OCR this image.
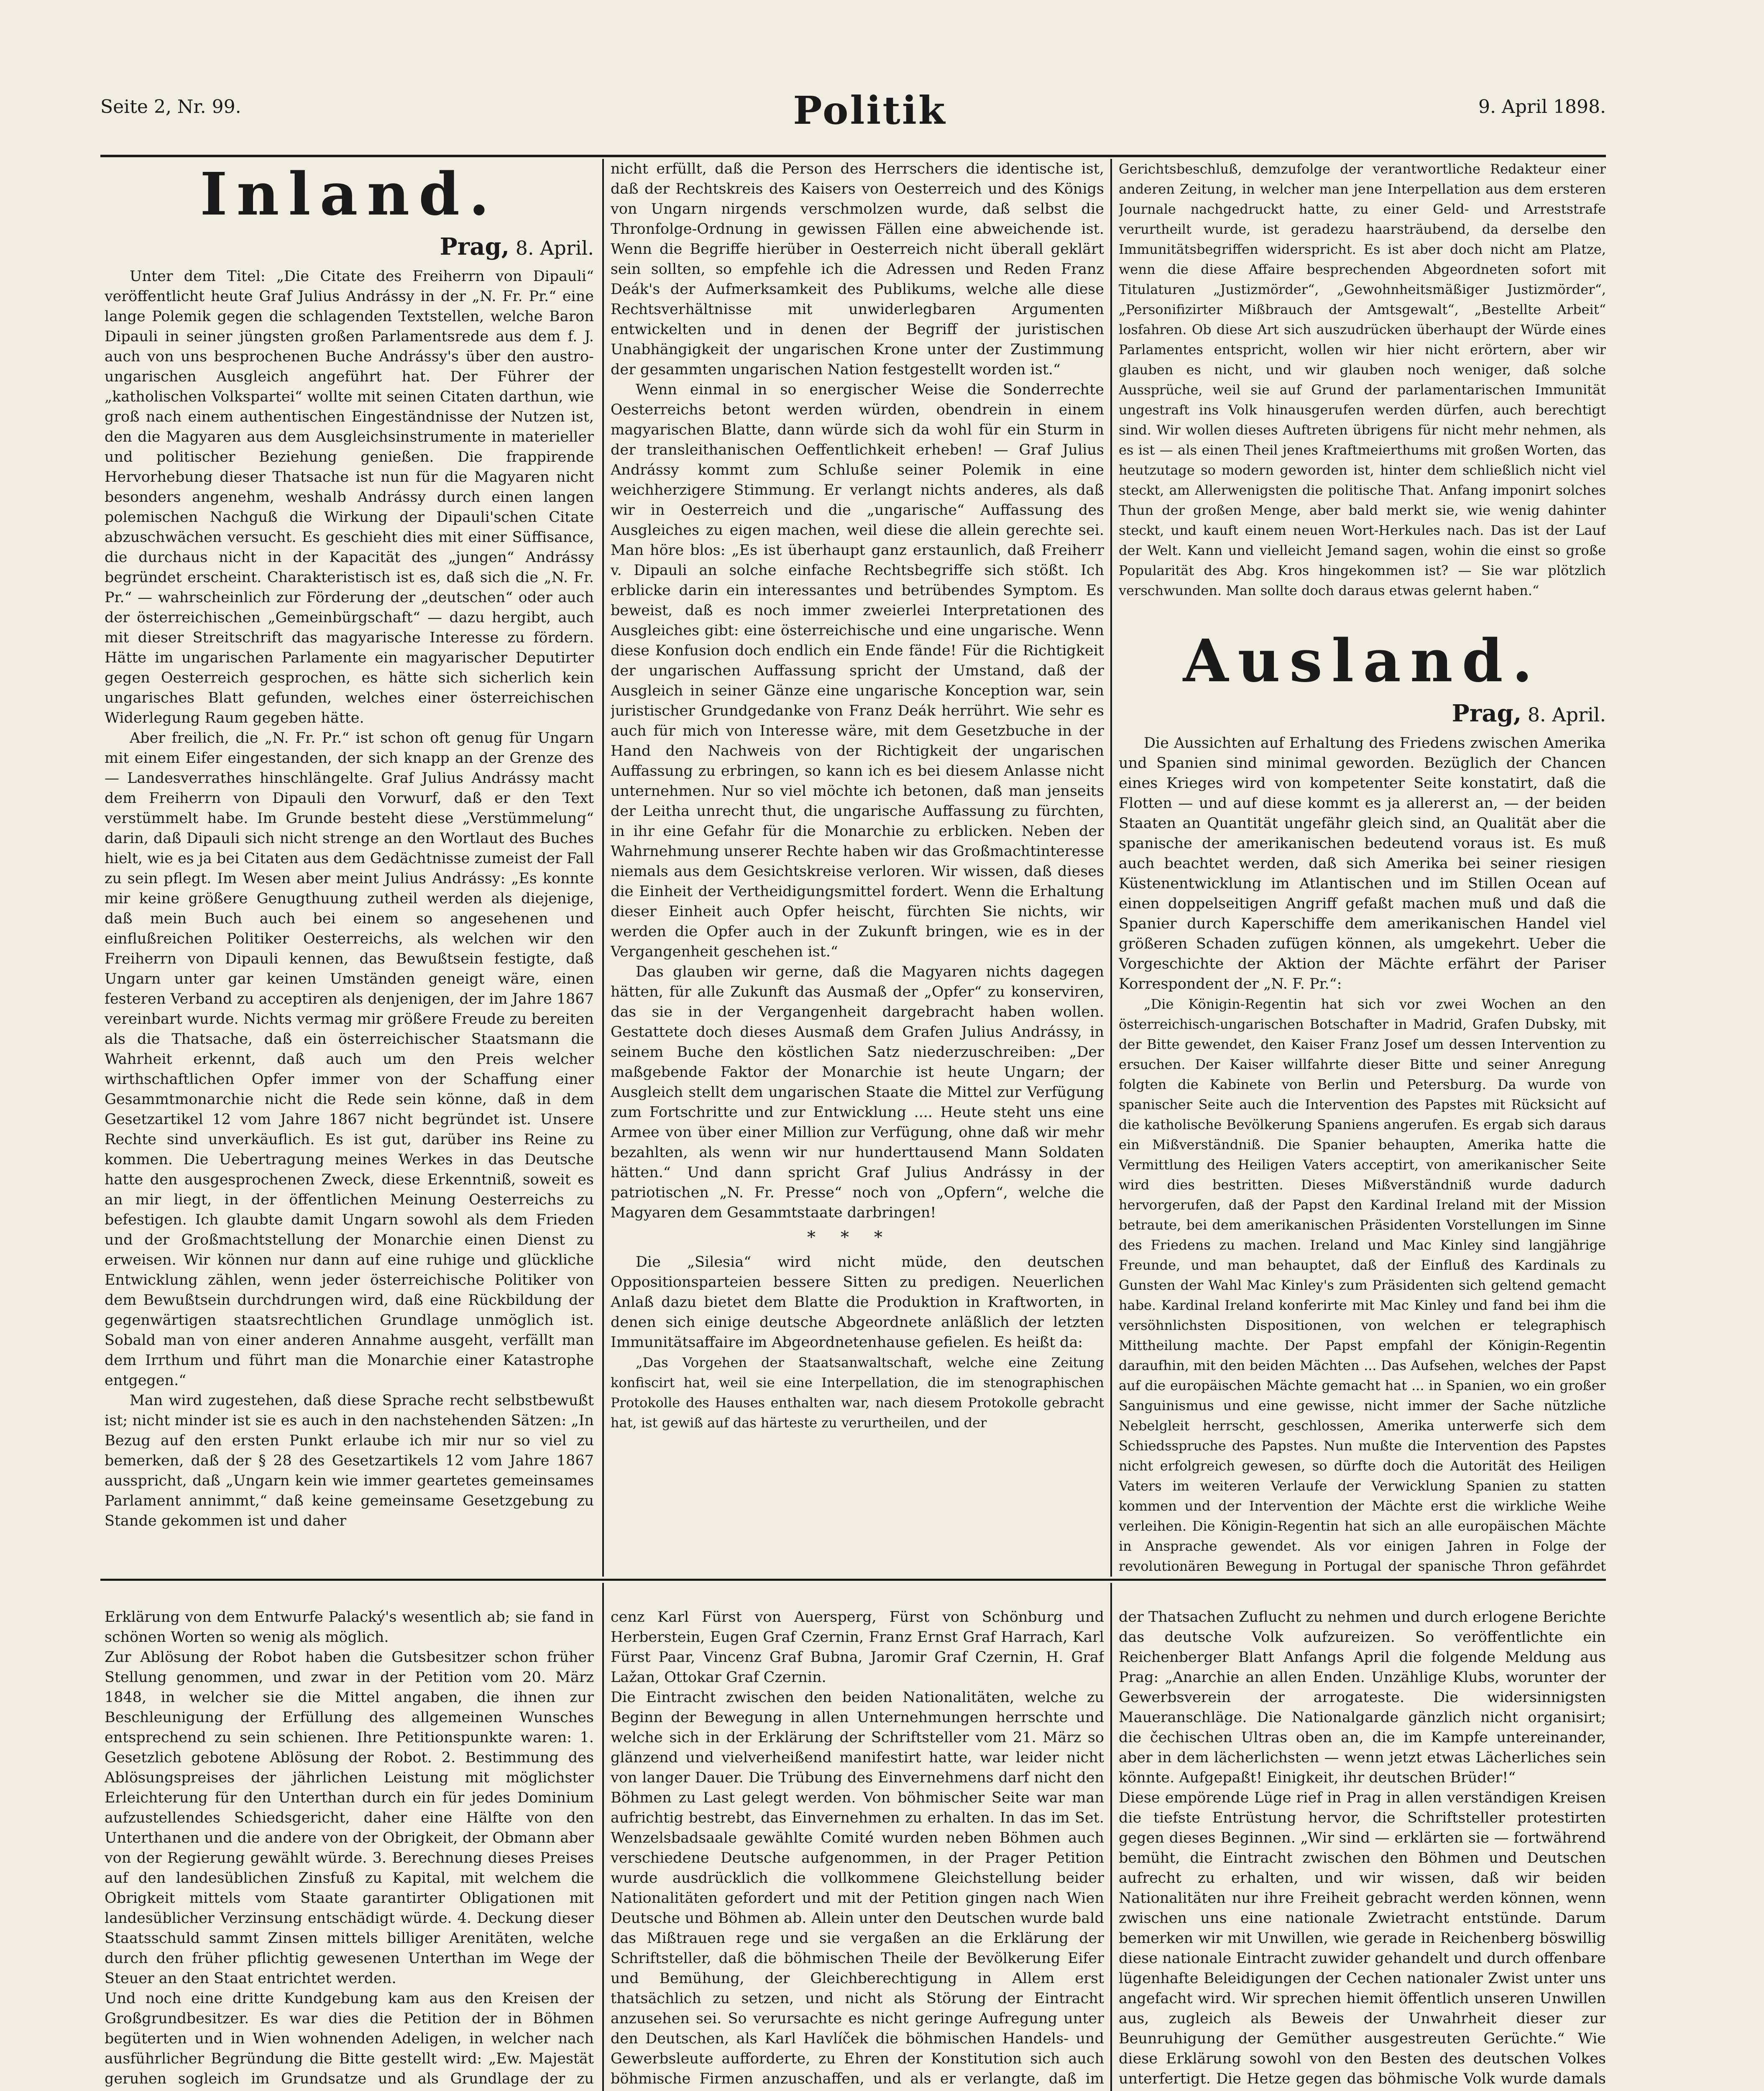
Seite 2, Nr. 99.	Politik	9. April 1898.
Inland.
Prag, 8. April.

Unter dem Titel: „Die Citate des Freiherrn von Dipauli“ veröffentlicht heute Graf Julius Andrássy in der „N. Fr. Pr.“ eine lange Polemik gegen die schlagenden Textstellen, welche Baron Dipauli in seiner jüngsten großen Parlamentsrede aus dem f. J. auch von uns besprochenen Buche Andrássy's über den austro-ungarischen Ausgleich angeführt hat. Der Führer der „katholischen Volkspartei“ wollte mit seinen Citaten darthun, wie groß nach einem authentischen Eingeständnisse der Nutzen ist, den die Magyaren aus dem Ausgleichsinstrumente in materieller und politischer Beziehung genießen. Die frappirende Hervorhebung dieser Thatsache ist nun für die Magyaren nicht besonders angenehm, weshalb Andrássy durch einen langen polemischen Nachguß die Wirkung der Dipauli'schen Citate abzuschwächen versucht. Es geschieht dies mit einer Süffisance, die durchaus nicht in der Kapacität des „jungen“ Andrássy begründet erscheint. Charakteristisch ist es, daß sich die „N. Fr. Pr.“ — wahrscheinlich zur Förderung der „deutschen“ oder auch der österreichischen „Gemeinbürgschaft“ — dazu hergibt, auch mit dieser Streitschrift das magyarische Interesse zu fördern. Hätte im ungarischen Parlamente ein magyarischer Deputirter gegen Oesterreich gesprochen, es hätte sich sicherlich kein ungarisches Blatt gefunden, welches einer österreichischen Widerlegung Raum gegeben hätte.

Aber freilich, die „N. Fr. Pr.“ ist schon oft genug für Ungarn mit einem Eifer eingestanden, der sich knapp an der Grenze des — Landesverrathes hinschlängelte. Graf Julius Andrássy macht dem Freiherrn von Dipauli den Vorwurf, daß er den Text verstümmelt habe. Im Grunde besteht diese „Verstümmelung“ darin, daß Dipauli sich nicht strenge an den Wortlaut des Buches hielt, wie es ja bei Citaten aus dem Gedächtnisse zumeist der Fall zu sein pflegt. Im Wesen aber meint Julius Andrássy: „Es konnte mir keine größere Genugthuung zutheil werden als diejenige, daß mein Buch auch bei einem so angesehenen und einflußreichen Politiker Oesterreichs, als welchen wir den Freiherrn von Dipauli kennen, das Bewußtsein festigte, daß Ungarn unter gar keinen Umständen geneigt wäre, einen festeren Verband zu acceptiren als denjenigen, der im Jahre 1867 vereinbart wurde. Nichts vermag mir größere Freude zu bereiten als die Thatsache, daß ein österreichischer Staatsmann die Wahrheit erkennt, daß auch um den Preis welcher wirthschaftlichen Opfer immer von der Schaffung einer Gesammtmonarchie nicht die Rede sein könne, daß in dem Gesetzartikel 12 vom Jahre 1867 nicht begründet ist. Unsere Rechte sind unverkäuflich. Es ist gut, darüber ins Reine zu kommen. Die Uebertragung meines Werkes in das Deutsche hatte den ausgesprochenen Zweck, diese Erkenntniß, soweit es an mir liegt, in der öffentlichen Meinung Oesterreichs zu befestigen. Ich glaubte damit Ungarn sowohl als dem Frieden und der Großmachtstellung der Monarchie einen Dienst zu erweisen. Wir können nur dann auf eine ruhige und glückliche Entwicklung zählen, wenn jeder österreichische Politiker von dem Bewußtsein durchdrungen wird, daß eine Rückbildung der gegenwärtigen staatsrechtlichen Grundlage unmöglich ist. Sobald man von einer anderen Annahme ausgeht, verfällt man dem Irrthum und führt man die Monarchie einer Katastrophe entgegen.“

Man wird zugestehen, daß diese Sprache recht selbstbewußt ist; nicht minder ist sie es auch in den nachstehenden Sätzen: „In Bezug auf den ersten Punkt erlaube ich mir nur so viel zu bemerken, daß der § 28 des Gesetzartikels 12 vom Jahre 1867 ausspricht, daß „Ungarn kein wie immer geartetes gemeinsames Parlament annimmt,“ daß keine gemeinsame Gesetzgebung zu Stande gekommen ist und daher

nicht erfüllt, daß die Person des Herrschers die identische ist, daß der Rechtskreis des Kaisers von Oesterreich und des Königs von Ungarn nirgends verschmolzen wurde, daß selbst die Thronfolge-Ordnung in gewissen Fällen eine abweichende ist. Wenn die Begriffe hierüber in Oesterreich nicht überall geklärt sein sollten, so empfehle ich die Adressen und Reden Franz Deák's der Aufmerksamkeit des Publikums, welche alle diese Rechtsverhältnisse mit unwiderlegbaren Argumenten entwickelten und in denen der Begriff der juristischen Unabhängigkeit der ungarischen Krone unter der Zustimmung der gesammten ungarischen Nation festgestellt worden ist.“

Wenn einmal in so energischer Weise die Sonderrechte Oesterreichs betont werden würden, obendrein in einem magyarischen Blatte, dann würde sich da wohl für ein Sturm in der transleithanischen Oeffentlichkeit erheben! — Graf Julius Andrássy kommt zum Schluße seiner Polemik in eine weichherzigere Stimmung. Er verlangt nichts anderes, als daß wir in Oesterreich und die „ungarische“ Auffassung des Ausgleiches zu eigen machen, weil diese die allein gerechte sei. Man höre blos: „Es ist überhaupt ganz erstaunlich, daß Freiherr v. Dipauli an solche einfache Rechtsbegriffe sich stößt. Ich erblicke darin ein interessantes und betrübendes Symptom. Es beweist, daß es noch immer zweierlei Interpretationen des Ausgleiches gibt: eine österreichische und eine ungarische. Wenn diese Konfusion doch endlich ein Ende fände! Für die Richtigkeit der ungarischen Auffassung spricht der Umstand, daß der Ausgleich in seiner Gänze eine ungarische Konception war, sein juristischer Grundgedanke von Franz Deák herrührt. Wie sehr es auch für mich von Interesse wäre, mit dem Gesetzbuche in der Hand den Nachweis von der Richtigkeit der ungarischen Auffassung zu erbringen, so kann ich es bei diesem Anlasse nicht unternehmen. Nur so viel möchte ich betonen, daß man jenseits der Leitha unrecht thut, die ungarische Auffassung zu fürchten, in ihr eine Gefahr für die Monarchie zu erblicken. Neben der Wahrnehmung unserer Rechte haben wir das Großmachtinteresse niemals aus dem Gesichtskreise verloren. Wir wissen, daß dieses die Einheit der Vertheidigungsmittel fordert. Wenn die Erhaltung dieser Einheit auch Opfer heischt, fürchten Sie nichts, wir werden die Opfer auch in der Zukunft bringen, wie es in der Vergangenheit geschehen ist.“

Das glauben wir gerne, daß die Magyaren nichts dagegen hätten, für alle Zukunft das Ausmaß der „Opfer“ zu konserviren, das sie in der Vergangenheit dargebracht haben wollen. Gestattete doch dieses Ausmaß dem Grafen Julius Andrássy, in seinem Buche den köstlichen Satz niederzuschreiben: „Der maßgebende Faktor der Monarchie ist heute Ungarn; der Ausgleich stellt dem ungarischen Staate die Mittel zur Verfügung zum Fortschritte und zur Entwicklung .... Heute steht uns eine Armee von über einer Million zur Verfügung, ohne daß wir mehr bezahlten, als wenn wir nur hunderttausend Mann Soldaten hätten.“ Und dann spricht Graf Julius Andrássy in der patriotischen „N. Fr. Presse“ noch von „Opfern“, welche die Magyaren dem Gesammtstaate darbringen!

***

Die „Silesia“ wird nicht müde, den deutschen Oppositionsparteien bessere Sitten zu predigen. Neuerlichen Anlaß dazu bietet dem Blatte die Produktion in Kraftworten, in denen sich einige deutsche Abgeordnete anläßlich der letzten Immunitätsaffaire im Abgeordnetenhause gefielen. Es heißt da:

„Das Vorgehen der Staatsanwaltschaft, welche eine Zeitung konfiscirt hat, weil sie eine Interpellation, die im stenographischen Protokolle des Hauses enthalten war, nach diesem Protokolle gebracht hat, ist gewiß auf das härteste zu verurtheilen, und der

Gerichtsbeschluß, demzufolge der verantwortliche Redakteur einer anderen Zeitung, in welcher man jene Interpellation aus dem ersteren Journale nachgedruckt hatte, zu einer Geld- und Arreststrafe verurtheilt wurde, ist geradezu haarsträubend, da derselbe den Immunitätsbegriffen widerspricht. Es ist aber doch nicht am Platze, wenn die diese Affaire besprechenden Abgeordneten sofort mit Titulaturen „Justizmörder“, „Gewohnheitsmäßiger Justizmörder“, „Personifizirter Mißbrauch der Amtsgewalt“, „Bestellte Arbeit“ losfahren. Ob diese Art sich auszudrücken überhaupt der Würde eines Parlamentes entspricht, wollen wir hier nicht erörtern, aber wir glauben es nicht, und wir glauben noch weniger, daß solche Aussprüche, weil sie auf Grund der parlamentarischen Immunität ungestraft ins Volk hinausgerufen werden dürfen, auch berechtigt sind. Wir wollen dieses Auftreten übrigens für nicht mehr nehmen, als es ist — als einen Theil jenes Kraftmeierthums mit großen Worten, das heutzutage so modern geworden ist, hinter dem schließlich nicht viel steckt, am Allerwenigsten die politische That. Anfang imponirt solches Thun der großen Menge, aber bald merkt sie, wie wenig dahinter steckt, und kauft einem neuen Wort-Herkules nach. Das ist der Lauf der Welt. Kann und vielleicht Jemand sagen, wohin die einst so große Popularität des Abg. Kros hingekommen ist? — Sie war plötzlich verschwunden. Man sollte doch daraus etwas gelernt haben.“

Ausland.
Prag, 8. April.

Die Aussichten auf Erhaltung des Friedens zwischen Amerika und Spanien sind minimal geworden. Bezüglich der Chancen eines Krieges wird von kompetenter Seite konstatirt, daß die Flotten — und auf diese kommt es ja allererst an, — der beiden Staaten an Quantität ungefähr gleich sind, an Qualität aber die spanische der amerikanischen bedeutend voraus ist. Es muß auch beachtet werden, daß sich Amerika bei seiner riesigen Küstenentwicklung im Atlantischen und im Stillen Ocean auf einen doppelseitigen Angriff gefaßt machen muß und daß die Spanier durch Kaperschiffe dem amerikanischen Handel viel größeren Schaden zufügen können, als umgekehrt. Ueber die Vorgeschichte der Aktion der Mächte erfährt der Pariser Korrespondent der „N. F. Pr.“:

„Die Königin-Regentin hat sich vor zwei Wochen an den österreichisch-ungarischen Botschafter in Madrid, Grafen Dubsky, mit der Bitte gewendet, den Kaiser Franz Josef um dessen Intervention zu ersuchen. Der Kaiser willfahrte dieser Bitte und seiner Anregung folgten die Kabinete von Berlin und Petersburg. Da wurde von spanischer Seite auch die Intervention des Papstes mit Rücksicht auf die katholische Bevölkerung Spaniens angerufen. Es ergab sich daraus ein Mißverständniß. Die Spanier behaupten, Amerika hatte die Vermittlung des Heiligen Vaters acceptirt, von amerikanischer Seite wird dies bestritten. Dieses Mißverständniß wurde dadurch hervorgerufen, daß der Papst den Kardinal Ireland mit der Mission betraute, bei dem amerikanischen Präsidenten Vorstellungen im Sinne des Friedens zu machen. Ireland und Mac Kinley sind langjährige Freunde, und man behauptet, daß der Einfluß des Kardinals zu Gunsten der Wahl Mac Kinley's zum Präsidenten sich geltend gemacht habe. Kardinal Ireland konferirte mit Mac Kinley und fand bei ihm die versöhnlichsten Dispositionen, von welchen er telegraphisch Mittheilung machte. Der Papst empfahl der Königin-Regentin daraufhin, mit den beiden Mächten ... Das Aufsehen, welches der Papst auf die europäischen Mächte gemacht hat ... in Spanien, wo ein großer Sanguinismus und eine gewisse, nicht immer der Sache nützliche Nebelgleit herrscht, geschlossen, Amerika unterwerfe sich dem Schiedsspruche des Papstes. Nun mußte die Intervention des Papstes nicht erfolgreich gewesen, so dürfte doch die Autorität des Heiligen Vaters im weiteren Verlaufe der Verwicklung Spanien zu statten kommen und der Intervention der Mächte erst die wirkliche Weihe verleihen. Die Königin-Regentin hat sich an alle europäischen Mächte in Ansprache gewendet. Als vor einigen Jahren in Folge der revolutionären Bewegung in Portugal der spanische Thron gefährdet

Erklärung von dem Entwurfe Palacký's wesentlich ab; sie fand in schönen Worten so wenig als möglich.
Zur Ablösung der Robot haben die Gutsbesitzer schon früher Stellung genommen, und zwar in der Petition vom 20. März 1848, in welcher sie die Mittel angaben, die ihnen zur Beschleunigung der Erfüllung des allgemeinen Wunsches entsprechend zu sein schienen. Ihre Petitionspunkte waren: 1. Gesetzlich gebotene Ablösung der Robot. 2. Bestimmung des Ablösungspreises der jährlichen Leistung mit möglichster Erleichterung für den Unterthan durch ein für jedes Dominium aufzustellendes Schiedsgericht, daher eine Hälfte von den Unterthanen und die andere von der Obrigkeit, der Obmann aber von der Regierung gewählt würde. 3. Berechnung dieses Preises auf den landesüblichen Zinsfuß zu Kapital, mit welchem die Obrigkeit mittels vom Staate garantirter Obligationen mit landesüblicher Verzinsung entschädigt würde. 4. Deckung dieser Staatsschuld sammt Zinsen mittels billiger Arenitäten, welche durch den früher pflichtig gewesenen Unterthan im Wege der Steuer an den Staat entrichtet werden.
Und noch eine dritte Kundgebung kam aus den Kreisen der Großgrundbesitzer. Es war dies die Petition der in Böhmen begüterten und in Wien wohnenden Adeligen, in welcher nach ausführlicher Begründung die Bitte gestellt wird: „Ew. Majestät geruhen sogleich im Grundsatze und als Grundlage der zu

cenz Karl Fürst von Auersperg, Fürst von Schönburg und Herberstein, Eugen Graf Czernin, Franz Ernst Graf Harrach, Karl Fürst Paar, Vincenz Graf Bubna, Jaromir Graf Czernin, H. Graf Lažan, Ottokar Graf Czernin.
Die Eintracht zwischen den beiden Nationalitäten, welche zu Beginn der Bewegung in allen Unternehmungen herrschte und welche sich in der Erklärung der Schriftsteller vom 21. März so glänzend und vielverheißend manifestirt hatte, war leider nicht von langer Dauer. Die Trübung des Einvernehmens darf nicht den Böhmen zu Last gelegt werden. Von böhmischer Seite war man aufrichtig bestrebt, das Einvernehmen zu erhalten. In das im Set. Wenzelsbadsaale gewählte Comité wurden neben Böhmen auch verschiedene Deutsche aufgenommen, in der Prager Petition wurde ausdrücklich die vollkommene Gleichstellung beider Nationalitäten gefordert und mit der Petition gingen nach Wien Deutsche und Böhmen ab. Allein unter den Deutschen wurde bald das Mißtrauen rege und sie vergaßen an die Erklärung der Schriftsteller, daß die böhmischen Theile der Bevölkerung Eifer und Bemühung, der Gleichberechtigung in Allem erst thatsächlich zu setzen, und nicht als Störung der Eintracht anzusehen sei. So verursachte es nicht geringe Aufregung unter den Deutschen, als Karl Havlíček die böhmischen Handels- und Gewerbsleute aufforderte, zu Ehren der Konstitution sich auch böhmische Firmen anzuschaffen, und als er verlangte, daß im

der Thatsachen Zuflucht zu nehmen und durch erlogene Berichte das deutsche Volk aufzureizen. So veröffentlichte ein Reichenberger Blatt Anfangs April die folgende Meldung aus Prag: „Anarchie an allen Enden. Unzählige Klubs, worunter der Gewerbsverein der arrogateste. Die widersinnigsten Maueranschläge. Die Nationalgarde gänzlich nicht organisirt; die čechischen Ultras oben an, die im Kampfe untereinander, aber in dem lächerlichsten — wenn jetzt etwas Lächerliches sein könnte. Aufgepaßt! Einigkeit, ihr deutschen Brüder!“
Diese empörende Lüge rief in Prag in allen verständigen Kreisen die tiefste Entrüstung hervor, die Schriftsteller protestirten gegen dieses Beginnen. „Wir sind — erklärten sie — fortwährend bemüht, die Eintracht zwischen den Böhmen und Deutschen aufrecht zu erhalten, und wir wissen, daß wir beiden Nationalitäten nur ihre Freiheit gebracht werden können, wenn zwischen uns eine nationale Zwietracht entstünde. Darum bemerken wir mit Unwillen, wie gerade in Reichenberg böswillig diese nationale Eintracht zuwider gehandelt und durch offenbare lügenhafte Beleidigungen der Cechen nationaler Zwist unter uns angefacht wird. Wir sprechen hiemit öffentlich unseren Unwillen aus, zugleich als Beweis der Unwahrheit dieser zur Beunruhigung der Gemüther ausgestreuten Gerüchte.“ Wie diese Erklärung sowohl von den Besten des deutschen Volkes unterfertigt. Die Hetze gegen das böhmische Volk wurde damals
